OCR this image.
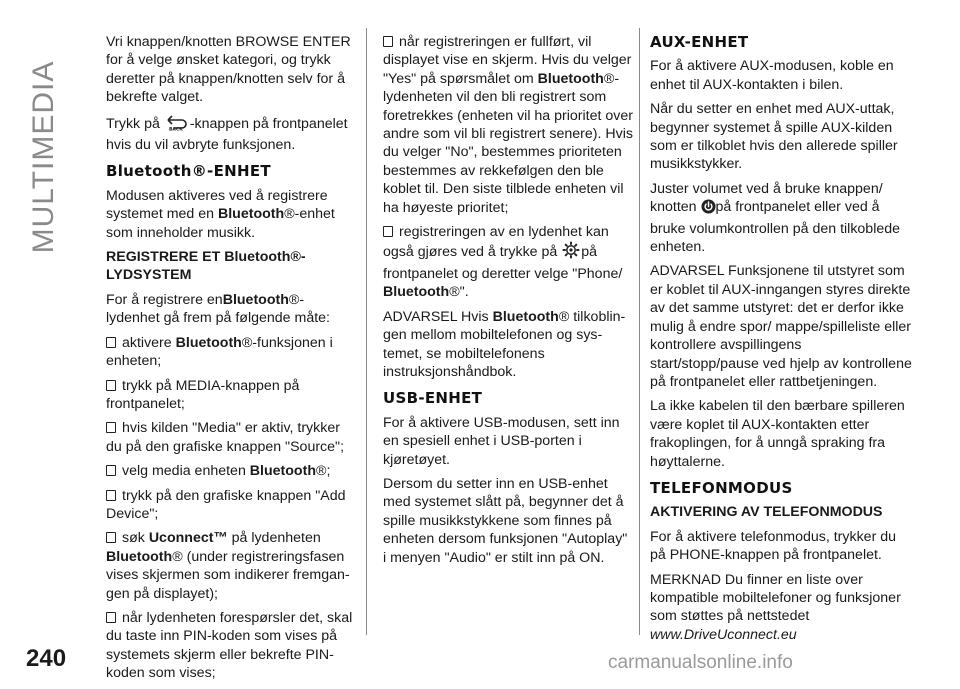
MULTIMEDIA
240	carmanualsonline.info

Vri knappen/knotten BROWSE ENTER for å velge ønsket kategori, og trykk deretter på knappen/knotten selv for å bekrefte valget.

Trykk på BACK -knappen på frontpanelet hvis du vil avbryte funksjonen.

Bluetooth®-ENHET

Modusen aktiveres ved å registrere systemet med en Bluetooth®-enhet som inneholder musikk.

REGISTRERE ET Bluetooth®-LYDSYSTEM

For å registrere enBluetooth®-lydenhet gå frem på følgende måte:

aktivere Bluetooth®-funksjonen i enheten;

trykk på MEDIA-knappen på frontpanelet;

hvis kilden "Media" er aktiv, trykker du på den grafiske knappen "Source";

velg media enheten Bluetooth®;

trykk på den grafiske knappen "Add Device";

søk Uconnect™ på lydenheten Bluetooth® (under registreringsfasen vises skjermen som indikerer fremgan-gen på displayet);

når lydenheten forespørsler det, skal du taste inn PIN-koden som vises på systemets skjerm eller bekrefte PIN-koden som vises;

når registreringen er fullført, vil displayet vise en skjerm. Hvis du velger "Yes" på spørsmålet om Bluetooth®-lydenheten vil den bli registrert som foretrekkes (enheten vil ha prioritet over andre som vil bli registrert senere). Hvis du velger "No", bestemmes prioriteten bestemmes av rekkefølgen den ble koblet til. Den siste tilblede enheten vil ha høyeste prioritet;

registreringen av en lydenhet kan også gjøres ved å trykke på på frontpanelet og deretter velge "Phone/ Bluetooth®".

ADVARSEL Hvis Bluetooth® tilkoblin-gen mellom mobiltelefonen og sys-temet, se mobiltelefonens instruksjonshåndbok.

USB-ENHET

For å aktivere USB-modusen, sett inn en spesiell enhet i USB-porten i kjøretøyet.

Dersom du setter inn en USB-enhet med systemet slått på, begynner det å spille musikkstykkene som finnes på enheten dersom funksjonen "Autoplay" i menyen "Audio" er stilt inn på ON.

AUX-ENHET

For å aktivere AUX-modusen, koble en enhet til AUX-kontakten i bilen.

Når du setter en enhet med AUX-uttak, begynner systemet å spille AUX-kilden som er tilkoblet hvis den allerede spiller musikkstykker.

Juster volumet ved å bruke knappen/ knotten på frontpanelet eller ved å bruke volumkontrollen på den tilkoblede enheten.

ADVARSEL Funksjonene til utstyret som er koblet til AUX-inngangen styres direkte av det samme utstyret: det er derfor ikke mulig å endre spor/ mappe/spilleliste eller kontrollere avspillingens start/stopp/pause ved hjelp av kontrollene på frontpanelet eller rattbetjeningen.

La ikke kabelen til den bærbare spilleren være koplet til AUX-kontakten etter frakoplingen, for å unngå spraking fra høyttalerne.

TELEFONMODUS
AKTIVERING AV TELEFONMODUS

For å aktivere telefonmodus, trykker du på PHONE-knappen på frontpanelet.

MERKNAD Du finner en liste over kompatible mobiltelefoner og funksjoner som støttes på nettstedet

www.DriveUconnect.eu
